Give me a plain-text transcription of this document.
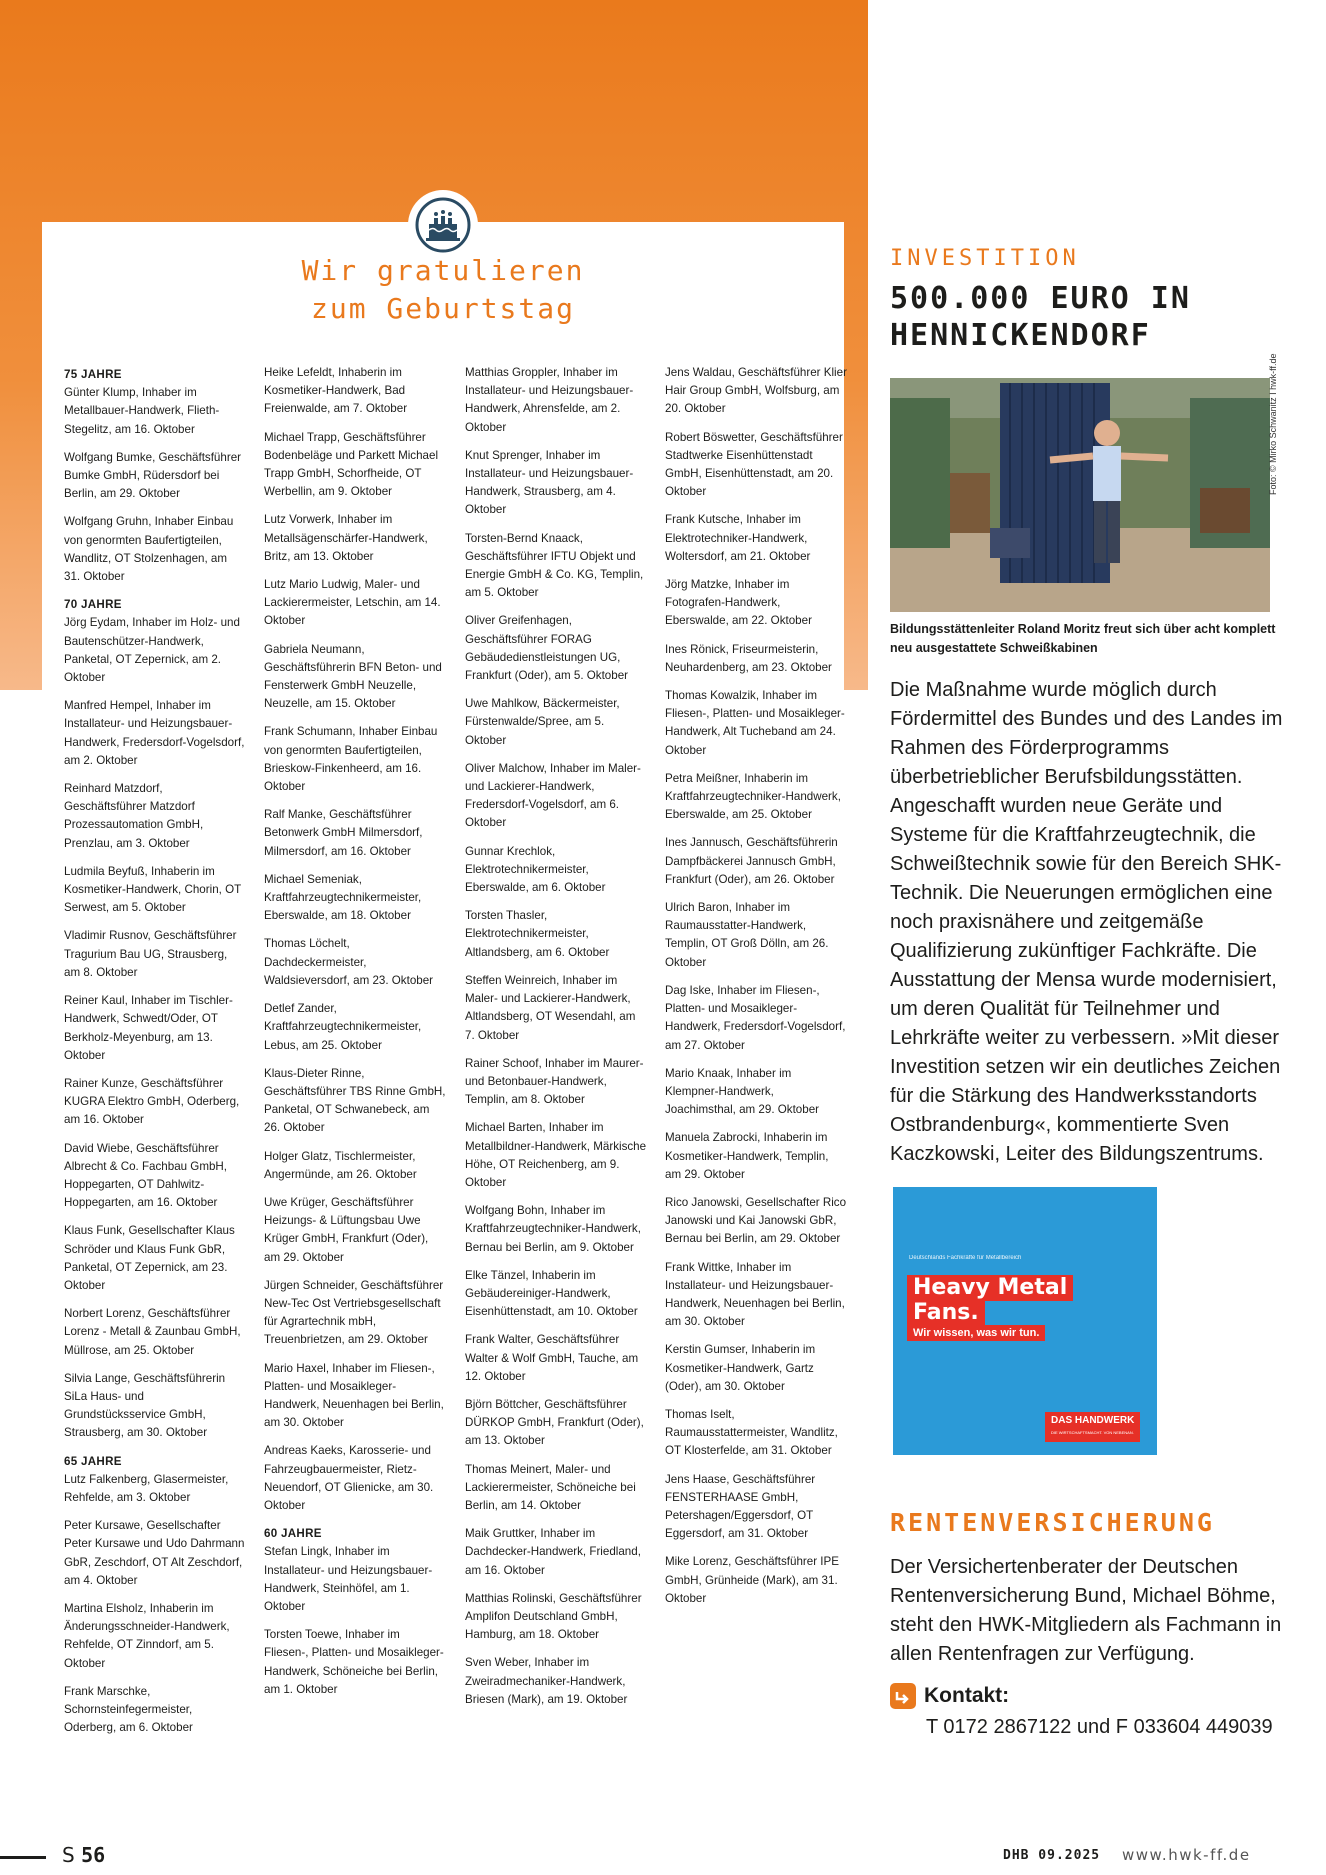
Wir gratulieren
zum Geburtstag
75 JAHRE
Günter Klump, Inhaber im Metallbauer-Handwerk, Flieth-Stegelitz, am 16. Oktober
Wolfgang Bumke, Geschäftsführer Bumke GmbH, Rüdersdorf bei Berlin, am 29. Oktober
Wolfgang Gruhn, Inhaber Einbau von genormten Baufertigteilen, Wandlitz, OT Stolzenhagen, am 31. Oktober
70 JAHRE
Jörg Eydam, Inhaber im Holz- und Bautenschützer-Handwerk, Panketal, OT Zepernick, am 2. Oktober
Manfred Hempel, Inhaber im Installateur- und Heizungsbauer-Handwerk, Fredersdorf-Vogelsdorf, am 2. Oktober
Reinhard Matzdorf, Geschäftsführer Matzdorf Prozessautomation GmbH, Prenzlau, am 3. Oktober
Ludmila Beyfuß, Inhaberin im Kosmetiker-Handwerk, Chorin, OT Serwest, am 5. Oktober
Vladimir Rusnov, Geschäftsführer Tragurium Bau UG, Strausberg, am 8. Oktober
Reiner Kaul, Inhaber im Tischler-Handwerk, Schwedt/Oder, OT Berkholz-Meyenburg, am 13. Oktober
Rainer Kunze, Geschäftsführer KUGRA Elektro GmbH, Oderberg, am 16. Oktober
David Wiebe, Geschäftsführer Albrecht & Co. Fachbau GmbH, Hoppegarten, OT Dahlwitz-Hoppegarten, am 16. Oktober
Klaus Funk, Gesellschafter Klaus Schröder und Klaus Funk GbR, Panketal, OT Zepernick, am 23. Oktober
Norbert Lorenz, Geschäftsführer Lorenz - Metall & Zaunbau GmbH, Müllrose, am 25. Oktober
Silvia Lange, Geschäftsführerin SiLa Haus- und Grundstücksservice GmbH, Strausberg, am 30. Oktober
65 JAHRE
Lutz Falkenberg, Glasermeister, Rehfelde, am 3. Oktober
Peter Kursawe, Gesellschafter Peter Kursawe und Udo Dahrmann GbR, Zeschdorf, OT Alt Zeschdorf, am 4. Oktober
Martina Elsholz, Inhaberin im Änderungsschneider-Handwerk, Rehfelde, OT Zinndorf, am 5. Oktober
Frank Marschke, Schornsteinfegermeister, Oderberg, am 6. Oktober
Heike Lefeldt, Inhaberin im Kosmetiker-Handwerk, Bad Freienwalde, am 7. Oktober
Michael Trapp, Geschäftsführer Bodenbeläge und Parkett Michael Trapp GmbH, Schorfheide, OT Werbellin, am 9. Oktober
Lutz Vorwerk, Inhaber im Metallsägenschärfer-Handwerk, Britz, am 13. Oktober
Lutz Mario Ludwig, Maler- und Lackierermeister, Letschin, am 14. Oktober
Gabriela Neumann, Geschäftsführerin BFN Beton- und Fensterwerk GmbH Neuzelle, Neuzelle, am 15. Oktober
Frank Schumann, Inhaber Einbau von genormten Baufertigteilen, Brieskow-Finkenheerd, am 16. Oktober
Ralf Manke, Geschäftsführer Betonwerk GmbH Milmersdorf, Milmersdorf, am 16. Oktober
Michael Semeniak, Kraftfahrzeugtechnikermeister, Eberswalde, am 18. Oktober
Thomas Löchelt, Dachdeckermeister, Waldsieversdorf, am 23. Oktober
Detlef Zander, Kraftfahrzeugtechnikermeister, Lebus, am 25. Oktober
Klaus-Dieter Rinne, Geschäftsführer TBS Rinne GmbH, Panketal, OT Schwanebeck, am 26. Oktober
Holger Glatz, Tischlermeister, Angermünde, am 26. Oktober
Uwe Krüger, Geschäftsführer Heizungs- & Lüftungsbau Uwe Krüger GmbH, Frankfurt (Oder), am 29. Oktober
Jürgen Schneider, Geschäftsführer New-Tec Ost Vertriebsgesellschaft für Agrartechnik mbH, Treuenbrietzen, am 29. Oktober
Mario Haxel, Inhaber im Fliesen-, Platten- und Mosaikleger-Handwerk, Neuenhagen bei Berlin, am 30. Oktober
Andreas Kaeks, Karosserie- und Fahrzeugbauermeister, Rietz-Neuendorf, OT Glienicke, am 30. Oktober
60 JAHRE
Stefan Lingk, Inhaber im Installateur- und Heizungsbauer-Handwerk, Steinhöfel, am 1. Oktober
Torsten Toewe, Inhaber im Fliesen-, Platten- und Mosaikleger-Handwerk, Schöneiche bei Berlin, am 1. Oktober
Matthias Groppler, Inhaber im Installateur- und Heizungsbauer-Handwerk, Ahrensfelde, am 2. Oktober
Knut Sprenger, Inhaber im Installateur- und Heizungsbauer-Handwerk, Strausberg, am 4. Oktober
Torsten-Bernd Knaack, Geschäftsführer IFTU Objekt und Energie GmbH & Co. KG, Templin, am 5. Oktober
Oliver Greifenhagen, Geschäftsführer FORAG Gebäudedienstleistungen UG, Frankfurt (Oder), am 5. Oktober
Uwe Mahlkow, Bäckermeister, Fürstenwalde/Spree, am 5. Oktober
Oliver Malchow, Inhaber im Maler- und Lackierer-Handwerk, Fredersdorf-Vogelsdorf, am 6. Oktober
Gunnar Krechlok, Elektrotechnikermeister, Eberswalde, am 6. Oktober
Torsten Thasler, Elektrotechnikermeister, Altlandsberg, am 6. Oktober
Steffen Weinreich, Inhaber im Maler- und Lackierer-Handwerk, Altlandsberg, OT Wesendahl, am 7. Oktober
Rainer Schoof, Inhaber im Maurer- und Betonbauer-Handwerk, Templin, am 8. Oktober
Michael Barten, Inhaber im Metallbildner-Handwerk, Märkische Höhe, OT Reichenberg, am 9. Oktober
Wolfgang Bohn, Inhaber im Kraftfahrzeugtechniker-Handwerk, Bernau bei Berlin, am 9. Oktober
Elke Tänzel, Inhaberin im Gebäudereiniger-Handwerk, Eisenhüttenstadt, am 10. Oktober
Frank Walter, Geschäftsführer Walter & Wolf GmbH, Tauche, am 12. Oktober
Björn Böttcher, Geschäftsführer DÜRKOP GmbH, Frankfurt (Oder), am 13. Oktober
Thomas Meinert, Maler- und Lackierermeister, Schöneiche bei Berlin, am 14. Oktober
Maik Gruttker, Inhaber im Dachdecker-Handwerk, Friedland, am 16. Oktober
Matthias Rolinski, Geschäftsführer Amplifon Deutschland GmbH, Hamburg, am 18. Oktober
Sven Weber, Inhaber im Zweiradmechaniker-Handwerk, Briesen (Mark), am 19. Oktober
Jens Waldau, Geschäftsführer Klier Hair Group GmbH, Wolfsburg, am 20. Oktober
Robert Böswetter, Geschäftsführer Stadtwerke Eisenhüttenstadt GmbH, Eisenhüttenstadt, am 20. Oktober
Frank Kutsche, Inhaber im Elektrotechniker-Handwerk, Woltersdorf, am 21. Oktober
Jörg Matzke, Inhaber im Fotografen-Handwerk, Eberswalde, am 22. Oktober
Ines Rönick, Friseurmeisterin, Neuhardenberg, am 23. Oktober
Thomas Kowalzik, Inhaber im Fliesen-, Platten- und Mosaikleger-Handwerk, Alt Tucheband am 24. Oktober
Petra Meißner, Inhaberin im Kraftfahrzeugtechniker-Handwerk, Eberswalde, am 25. Oktober
Ines Jannusch, Geschäftsführerin Dampfbäckerei Jannusch GmbH, Frankfurt (Oder), am 26. Oktober
Ulrich Baron, Inhaber im Raumausstatter-Handwerk, Templin, OT Groß Dölln, am 26. Oktober
Dag Iske, Inhaber im Fliesen-, Platten- und Mosaikleger-Handwerk, Fredersdorf-Vogelsdorf, am 27. Oktober
Mario Knaak, Inhaber im Klempner-Handwerk, Joachimsthal, am 29. Oktober
Manuela Zabrocki, Inhaberin im Kosmetiker-Handwerk, Templin, am 29. Oktober
Rico Janowski, Gesellschafter Rico Janowski und Kai Janowski GbR, Bernau bei Berlin, am 29. Oktober
Frank Wittke, Inhaber im Installateur- und Heizungsbauer-Handwerk, Neuenhagen bei Berlin, am 30. Oktober
Kerstin Gumser, Inhaberin im Kosmetiker-Handwerk, Gartz (Oder), am 30. Oktober
Thomas Iselt, Raumausstattermeister, Wandlitz, OT Klosterfelde, am 31. Oktober
Jens Haase, Geschäftsführer FENSTERHAASE GmbH, Petershagen/Eggersdorf, OT Eggersdorf, am 31. Oktober
Mike Lorenz, Geschäftsführer IPE GmbH, Grünheide (Mark), am 31. Oktober
INVESTITION
500.000 EURO IN
HENNICKENDORF
Foto: © Mirko Schwanitz I hwk-ff.de
Bildungsstättenleiter Roland Moritz freut sich über acht komplett neu ausgestattete Schweißkabinen
Die Maßnahme wurde möglich durch Fördermittel des Bundes und des Landes im Rahmen des Förderprogramms überbetrieblicher Berufsbildungsstätten. Angeschafft wurden neue Geräte und Systeme für die Kraftfahrzeugtechnik, die Schweißtechnik sowie für den Bereich SHK-Technik. Die Neuerungen ermöglichen eine noch praxisnähere und zeitgemäße Qualifizierung zukünftiger Fachkräfte. Die Ausstattung der Mensa wurde modernisiert, um deren Qualität für Teilnehmer und Lehrkräfte weiter zu verbessern. »Mit dieser Investition setzen wir ein deutliches Zeichen für die Stärkung des Handwerksstandorts Ostbrandenburg«, kommentierte Sven Kaczkowski, Leiter des Bildungszentrums.
Deutschlands Fachkräfte für Metallbereich
Heavy Metal
Fans.
Wir wissen, was wir tun.
DAS HANDWERK
DIE WIRTSCHAFTSMACHT. VON NEBENAN.
RENTENVERSICHERUNG
Der Versichertenberater der Deutschen Rentenversicherung Bund, Michael Böhme, steht den HWK-Mitgliedern als Fachmann in allen Rentenfragen zur Verfügung.
Kontakt:
T 0172 2867122 und F 033604 449039
S 56	DHB 09.2025 www.hwk-ff.de
